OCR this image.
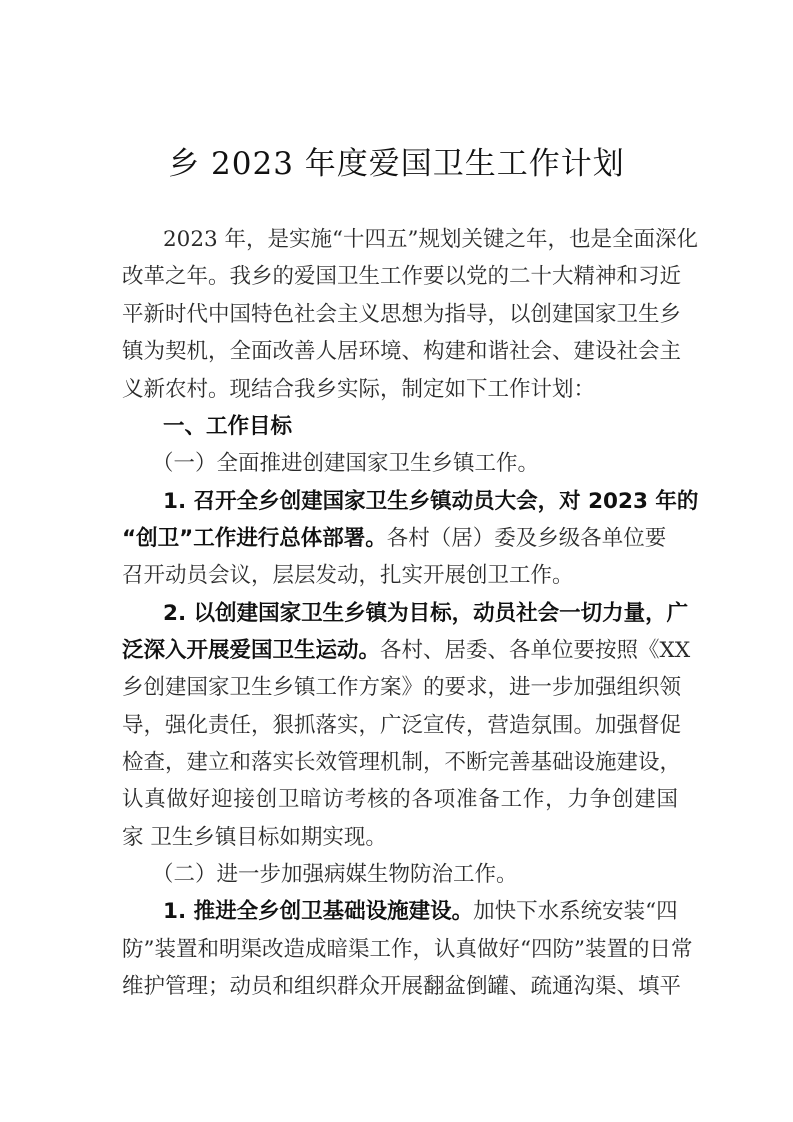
乡 2023 年度爱国卫生工作计划
2023 年，是实施“十四五”规划关键之年，也是全面深化
改革之年。我乡的爱国卫生工作要以党的二十大精神和习近
平新时代中国特色社会主义思想为指导，以创建国家卫生乡
镇为契机，全面改善人居环境、构建和谐社会、建设社会主
义新农村。现结合我乡实际，制定如下工作计划：
一、工作目标
（一）全面推进创建国家卫生乡镇工作。
1. 召开全乡创建国家卫生乡镇动员大会，对 2023 年的
“创卫”工作进行总体部署。各村（居）委及乡级各单位要
召开动员会议，层层发动，扎实开展创卫工作。
2. 以创建国家卫生乡镇为目标，动员社会一切力量，广
泛深入开展爱国卫生运动。各村、居委、各单位要按照《XX
乡创建国家卫生乡镇工作方案》的要求，进一步加强组织领
导，强化责任，狠抓落实，广泛宣传，营造氛围。加强督促
检查，建立和落实长效管理机制，不断完善基础设施建设，
认真做好迎接创卫暗访考核的各项准备工作，力争创建国
家 卫生乡镇目标如期实现。
（二）进一步加强病媒生物防治工作。
1. 推进全乡创卫基础设施建设。加快下水系统安装“四
防”装置和明渠改造成暗渠工作，认真做好“四防”装置的日常
维护管理；动员和组织群众开展翻盆倒罐、疏通沟渠、填平
